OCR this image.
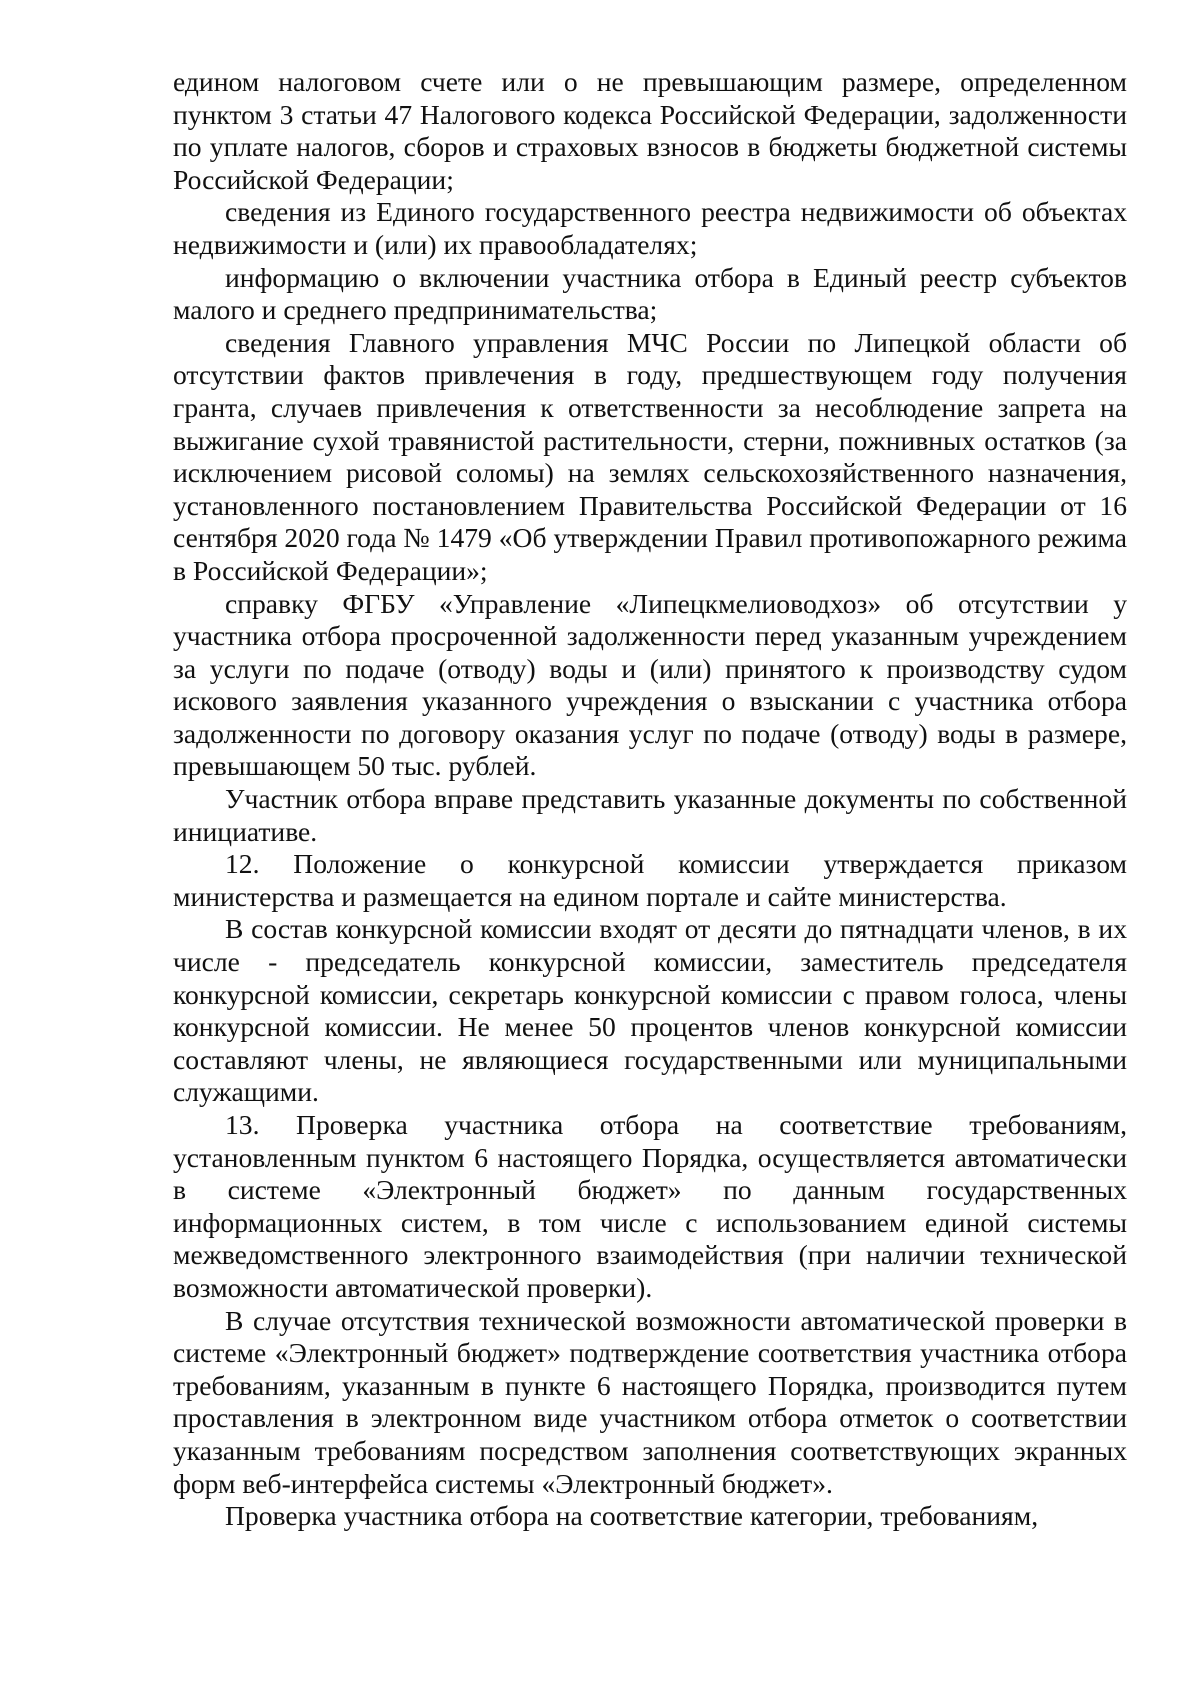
едином налоговом счете или о не превышающим размере, определенном пунктом 3 статьи 47 Налогового кодекса Российской Федерации, задолженности по уплате налогов, сборов и страховых взносов в бюджеты бюджетной системы Российской Федерации;

сведения из Единого государственного реестра недвижимости об объектах недвижимости и (или) их правообладателях;

информацию о включении участника отбора в Единый реестр субъектов малого и среднего предпринимательства;

сведения Главного управления МЧС России по Липецкой области об отсутствии фактов привлечения в году, предшествующем году получения гранта, случаев привлечения к ответственности за несоблюдение запрета на выжигание сухой травянистой растительности, стерни, пожнивных остатков (за исключением рисовой соломы) на землях сельскохозяйственного назначения, установленного постановлением Правительства Российской Федерации от 16 сентября 2020 года № 1479 «Об утверждении Правил противопожарного режима в Российской Федерации»;

справку ФГБУ «Управление «Липецкмелиоводхоз» об отсутствии у участника отбора просроченной задолженности перед указанным учреждением за услуги по подаче (отводу) воды и (или) принятого к производству судом искового заявления указанного учреждения о взыскании с участника отбора задолженности по договору оказания услуг по подаче (отводу) воды в размере, превышающем 50 тыс. рублей.

Участник отбора вправе представить указанные документы по собственной инициативе.

12. Положение о конкурсной комиссии утверждается приказом министерства и размещается на едином портале и сайте министерства.

В состав конкурсной комиссии входят от десяти до пятнадцати членов, в их числе - председатель конкурсной комиссии, заместитель председателя конкурсной комиссии, секретарь конкурсной комиссии с правом голоса, члены конкурсной комиссии. Не менее 50 процентов членов конкурсной комиссии составляют члены, не являющиеся государственными или муниципальными служащими.

13. Проверка участника отбора на соответствие требованиям, установленным пунктом 6 настоящего Порядка, осуществляется автоматически в системе «Электронный бюджет» по данным государственных информационных систем, в том числе с использованием единой системы межведомственного электронного взаимодействия (при наличии технической возможности автоматической проверки).

В случае отсутствия технической возможности автоматической проверки в системе «Электронный бюджет» подтверждение соответствия участника отбора требованиям, указанным в пункте 6 настоящего Порядка, производится путем проставления в электронном виде участником отбора отметок о соответствии указанным требованиям посредством заполнения соответствующих экранных форм веб-интерфейса системы «Электронный бюджет».

Проверка участника отбора на соответствие категории, требованиям,
